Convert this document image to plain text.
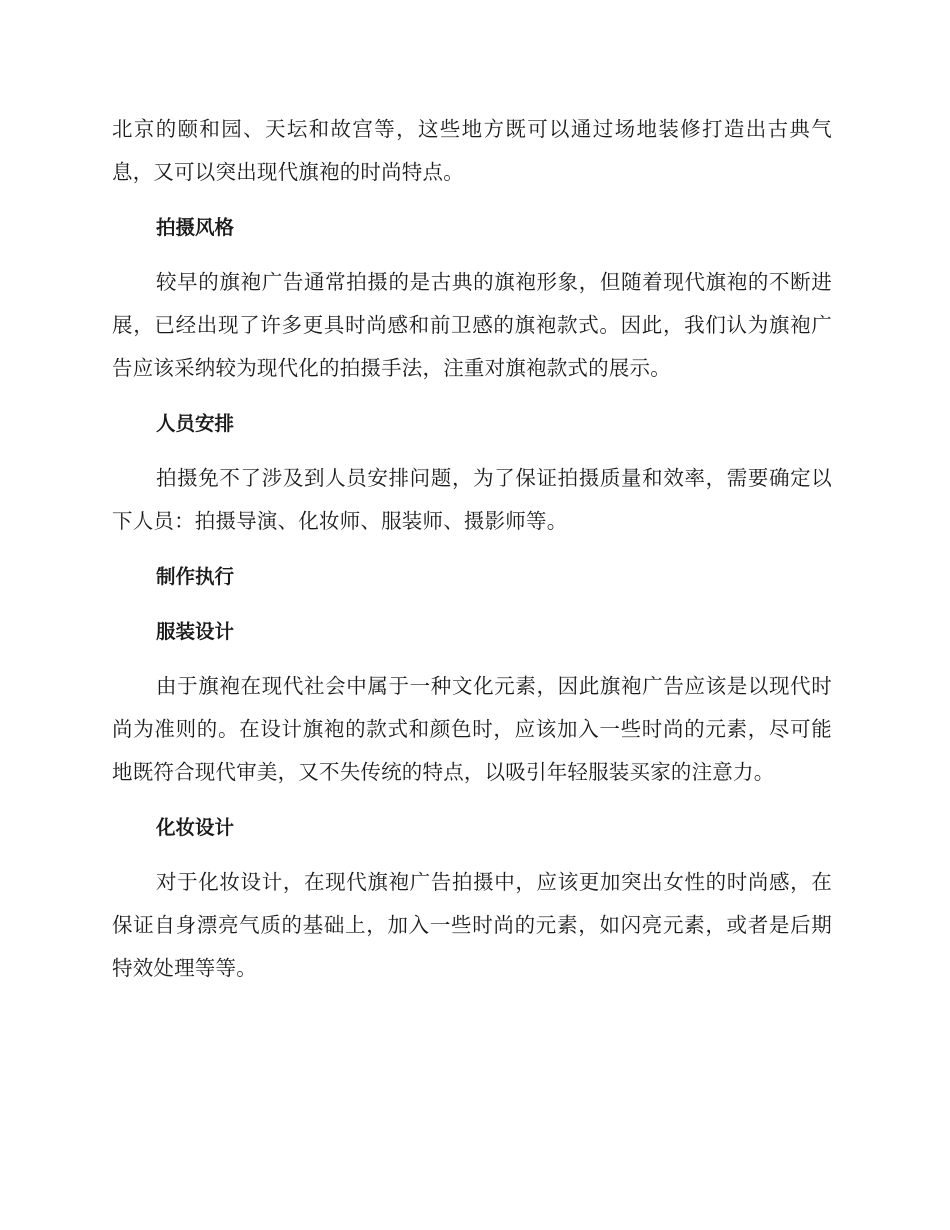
北京的颐和园、天坛和故宫等，这些地方既可以通过场地装修打造出古典气息，又可以突出现代旗袍的时尚特点。

拍摄风格

较早的旗袍广告通常拍摄的是古典的旗袍形象，但随着现代旗袍的不断进展，已经出现了许多更具时尚感和前卫感的旗袍款式。因此，我们认为旗袍广告应该采纳较为现代化的拍摄手法，注重对旗袍款式的展示。

人员安排

拍摄免不了涉及到人员安排问题，为了保证拍摄质量和效率，需要确定以下人员：拍摄导演、化妆师、服装师、摄影师等。

制作执行
服装设计

由于旗袍在现代社会中属于一种文化元素，因此旗袍广告应该是以现代时尚为准则的。在设计旗袍的款式和颜色时，应该加入一些时尚的元素，尽可能地既符合现代审美，又不失传统的特点，以吸引年轻服装买家的注意力。

化妆设计

对于化妆设计，在现代旗袍广告拍摄中，应该更加突出女性的时尚感，在保证自身漂亮气质的基础上，加入一些时尚的元素，如闪亮元素，或者是后期特效处理等等。
